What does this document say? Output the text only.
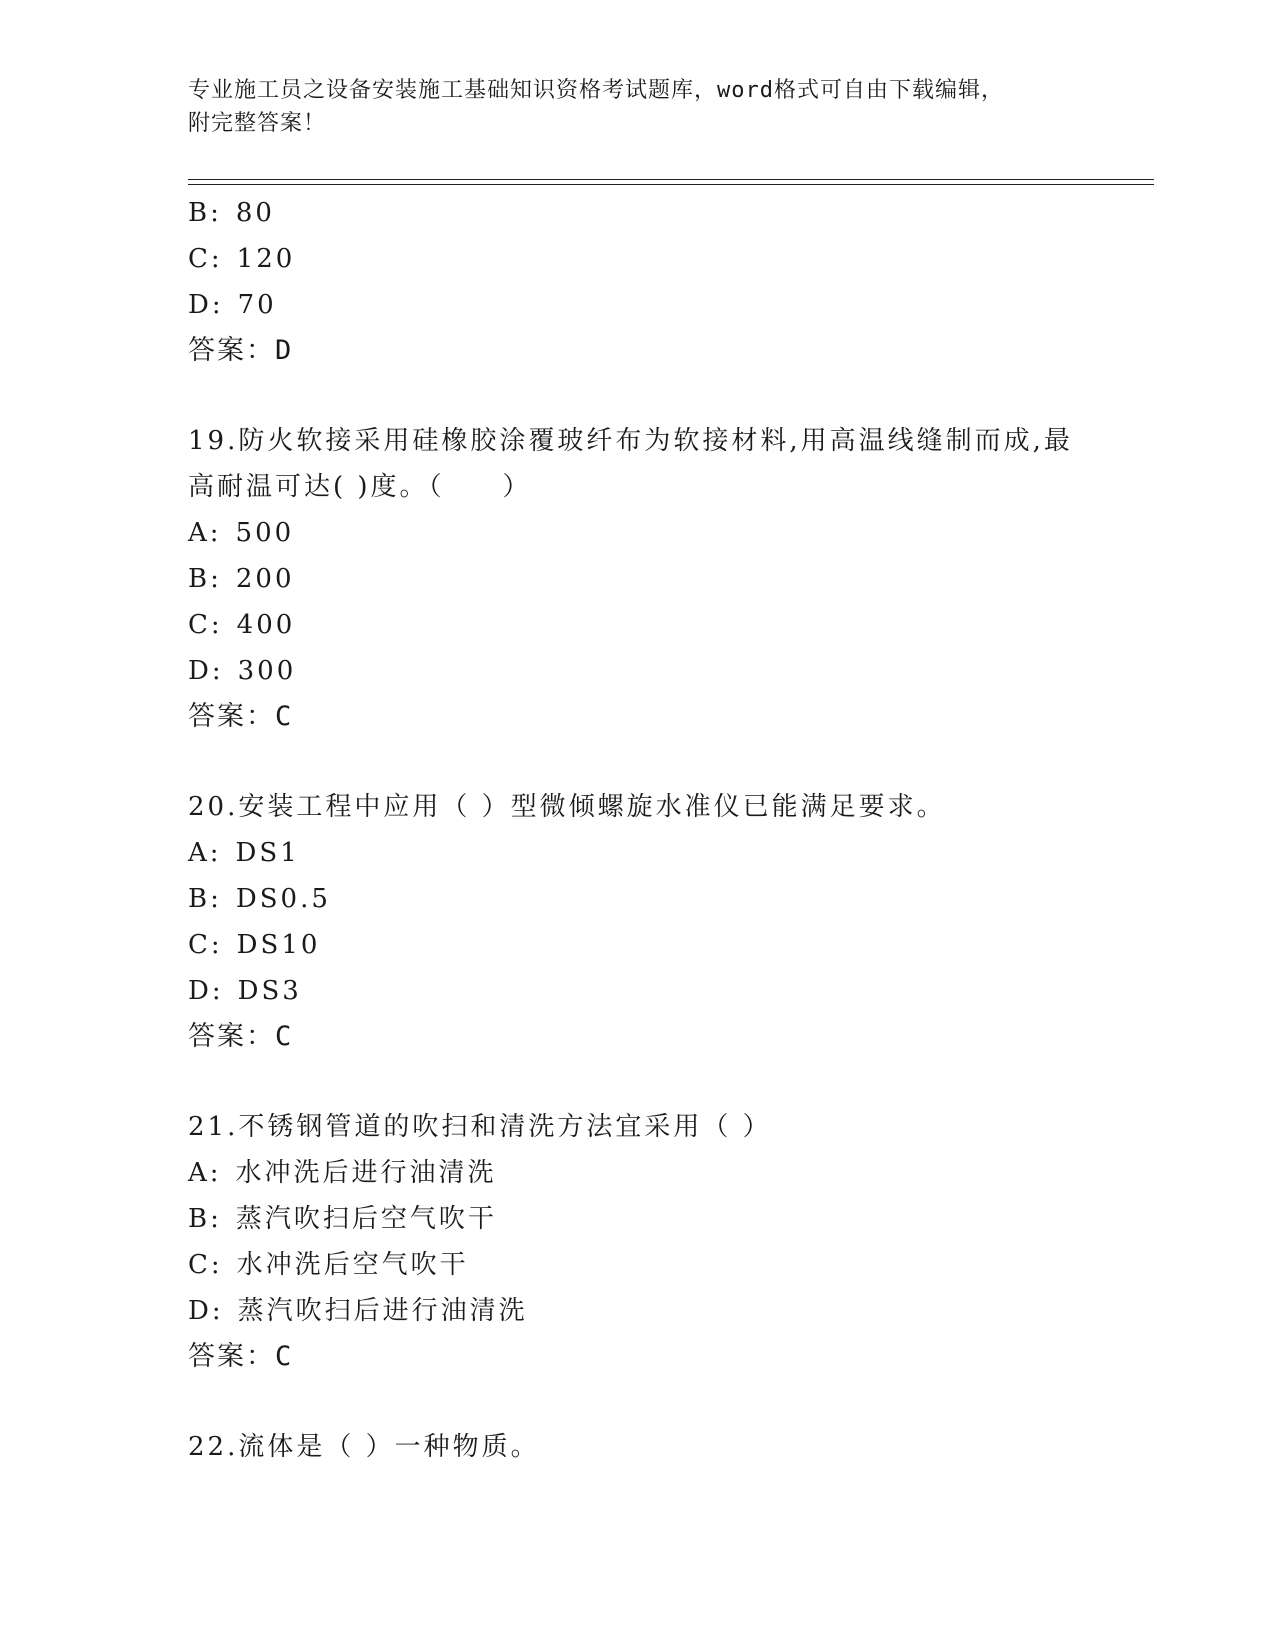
专业施工员之设备安装施工基础知识资格考试题库，word格式可自由下载编辑，
附完整答案！
B: 80
C: 120
D: 70
答案：D
19.防火软接采用硅橡胶涂覆玻纤布为软接材料,用高温线缝制而成,最
高耐温可达( )度。（　　）
A: 500
B: 200
C: 400
D: 300
答案：C
20.安装工程中应用（ ）型微倾螺旋水准仪已能满足要求。
A: DS1
B: DS0.5
C: DS10
D: DS3
答案：C
21.不锈钢管道的吹扫和清洗方法宜采用（ ）
A: 水冲洗后进行油清洗
B: 蒸汽吹扫后空气吹干
C: 水冲洗后空气吹干
D: 蒸汽吹扫后进行油清洗
答案：C
22.流体是（ ）一种物质。
